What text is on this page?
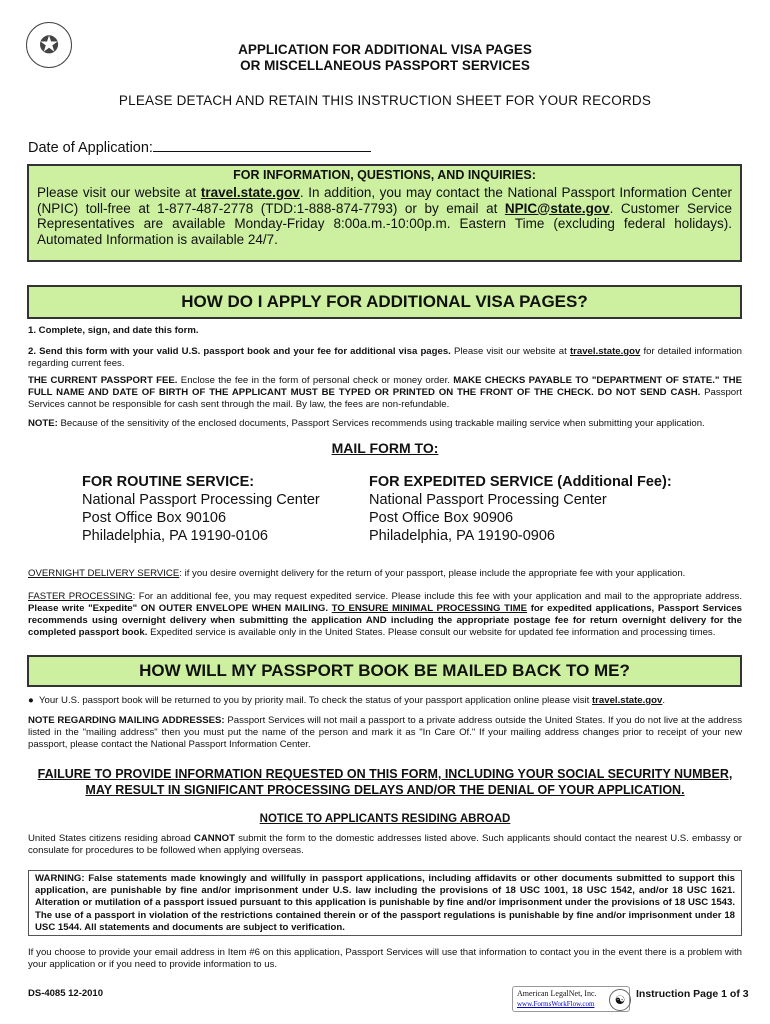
✪	APPLICATION FOR ADDITIONAL VISA PAGES
OR MISCELLANEOUS PASSPORT SERVICES
PLEASE DETACH AND RETAIN THIS INSTRUCTION SHEET FOR YOUR RECORDS
Date of Application:
FOR INFORMATION, QUESTIONS, AND INQUIRIES:

Please visit our website at travel.state.gov. In addition, you may contact the National Passport Information Center (NPIC) toll-free at 1-877-487-2778 (TDD:1-888-874-7793) or by email at NPIC@state.gov. Customer Service Representatives are available Monday-Friday 8:00a.m.-10:00p.m. Eastern Time (excluding federal holidays). Automated Information is available 24/7.

HOW DO I APPLY FOR ADDITIONAL VISA PAGES?

1. Complete, sign, and date this form.

2. Send this form with your valid U.S. passport book and your fee for additional visa pages. Please visit our website at travel.state.gov for detailed information regarding current fees.

THE CURRENT PASSPORT FEE. Enclose the fee in the form of personal check or money order. MAKE CHECKS PAYABLE TO "DEPARTMENT OF STATE." THE FULL NAME AND DATE OF BIRTH OF THE APPLICANT MUST BE TYPED OR PRINTED ON THE FRONT OF THE CHECK. DO NOT SEND CASH. Passport Services cannot be responsible for cash sent through the mail. By law, the fees are non-refundable.

NOTE: Because of the sensitivity of the enclosed documents, Passport Services recommends using trackable mailing service when submitting your application.

MAIL FORM TO:
FOR ROUTINE SERVICE:
National Passport Processing Center
Post Office Box 90106
Philadelphia, PA 19190-0106
FOR EXPEDITED SERVICE (Additional Fee):
National Passport Processing Center
Post Office Box 90906
Philadelphia, PA 19190-0906

OVERNIGHT DELIVERY SERVICE: if you desire overnight delivery for the return of your passport, please include the appropriate fee with your application.

FASTER PROCESSING: For an additional fee, you may request expedited service. Please include this fee with your application and mail to the appropriate address. Please write "Expedite" ON OUTER ENVELOPE WHEN MAILING. TO ENSURE MINIMAL PROCESSING TIME for expedited applications, Passport Services recommends using overnight delivery when submitting the application AND including the appropriate postage fee for return overnight delivery for the completed passport book. Expedited service is available only in the United States. Please consult our website for updated fee information and processing times.

HOW WILL MY PASSPORT BOOK BE MAILED BACK TO ME?

● Your U.S. passport book will be returned to you by priority mail. To check the status of your passport application online please visit travel.state.gov.

NOTE REGARDING MAILING ADDRESSES: Passport Services will not mail a passport to a private address outside the United States. If you do not live at the address listed in the "mailing address" then you must put the name of the person and mark it as "In Care Of." If your mailing address changes prior to receipt of your new passport, please contact the National Passport Information Center.

FAILURE TO PROVIDE INFORMATION REQUESTED ON THIS FORM, INCLUDING YOUR SOCIAL SECURITY NUMBER,
MAY RESULT IN SIGNIFICANT PROCESSING DELAYS AND/OR THE DENIAL OF YOUR APPLICATION.
NOTICE TO APPLICANTS RESIDING ABROAD

United States citizens residing abroad CANNOT submit the form to the domestic addresses listed above. Such applicants should contact the nearest U.S. embassy or consulate for procedures to be followed when applying overseas.

WARNING: False statements made knowingly and willfully in passport applications, including affidavits or other documents submitted to support this application, are punishable by fine and/or imprisonment under U.S. law including the provisions of 18 USC 1001, 18 USC 1542, and/or 18 USC 1621. Alteration or mutilation of a passport issued pursuant to this application is punishable by fine and/or imprisonment under the provisions of 18 USC 1543. The use of a passport in violation of the restrictions contained therein or of the passport regulations is punishable by fine and/or imprisonment under 18 USC 1544. All statements and documents are subject to verification.
If you choose to provide your email address in Item #6 on this application, Passport Services will use that information to contact you in the event there is a problem with your application or if you need to provide information to us.
DS-4085 12-2010	American LegalNet, Inc.
www.FormsWorkFlow.com	☯	Instruction Page 1 of 3
